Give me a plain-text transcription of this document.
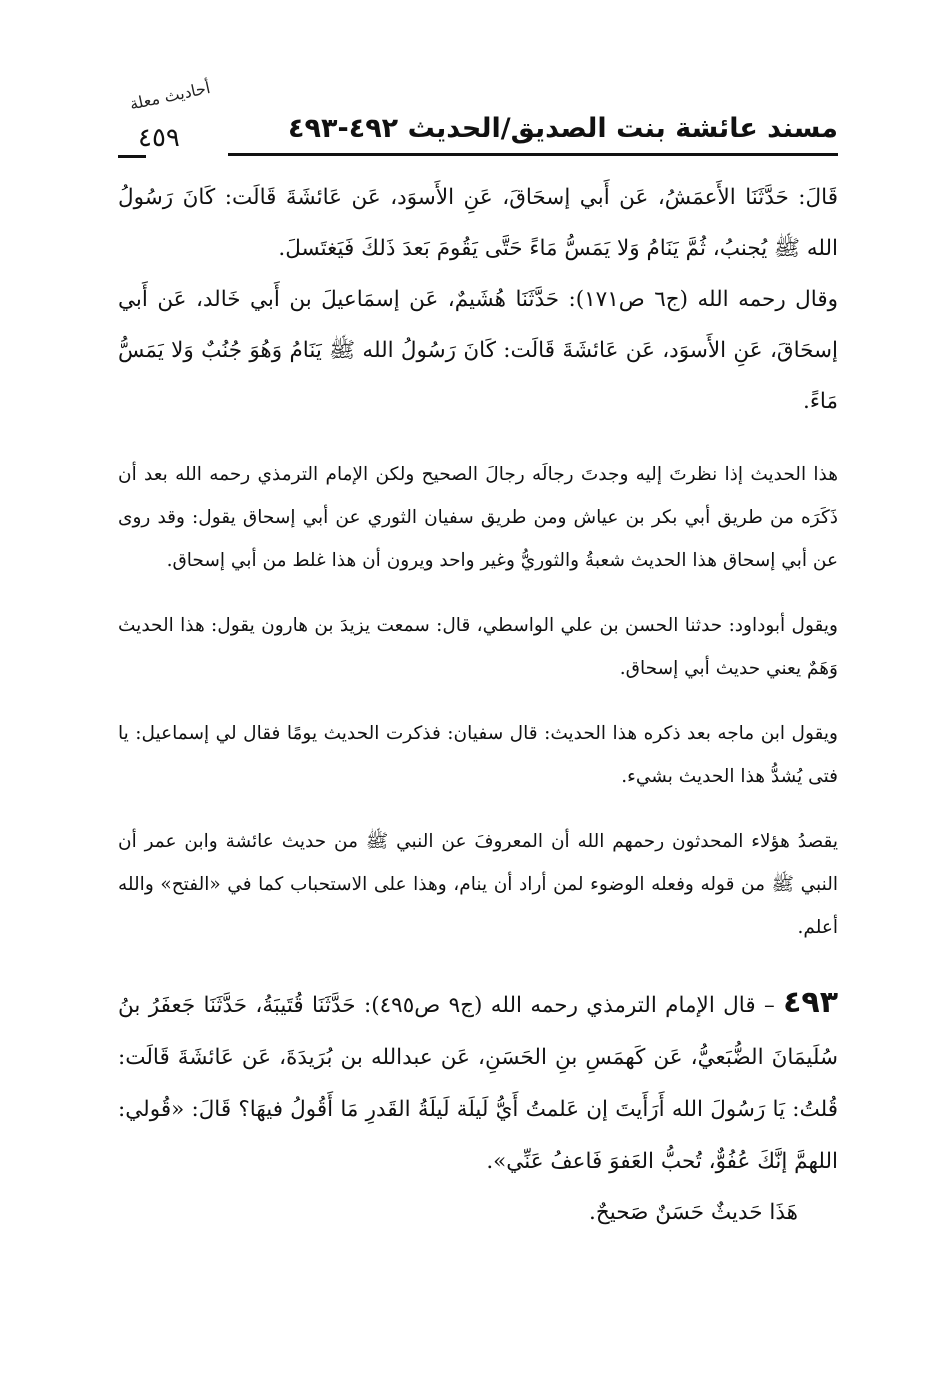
مسند عائشة بنت الصديق/الحديث ٤٩٢-٤٩٣
أحاديث معلة
٤٥٩

قَالَ: حَدَّثَنَا الأَعمَشُ، عَن أَبي إسحَاقَ، عَنِ الأَسوَد، عَن عَائشَةَ قَالَت: كَانَ رَسُولُ الله ﷺ يُجنبُ، ثُمَّ يَنَامُ وَلا يَمَسُّ مَاءً حَتَّى يَقُومَ بَعدَ ذَلكَ فَيَغتَسلَ.

وقال رحمه الله (ج٦ ص١٧١): حَدَّثَنَا هُشَيمٌ، عَن إسمَاعيلَ بن أَبي خَالد، عَن أَبي إسحَاقَ، عَنِ الأَسوَد، عَن عَائشَةَ قَالَت: كَانَ رَسُولُ الله ﷺ يَنَامُ وَهُوَ جُنُبٌ وَلا يَمَسُّ مَاءً.

هذا الحديث إذا نظرتَ إليه وجدتَ رجالَه رجالَ الصحيح ولكن الإمام الترمذي رحمه الله بعد أن ذَكَرَه من طريق أبي بكر بن عياش ومن طريق سفيان الثوري عن أبي إسحاق يقول: وقد روى عن أبي إسحاق هذا الحديث شعبةُ والثوريُّ وغير واحد ويرون أن هذا غلط من أبي إسحاق.

ويقول أبوداود: حدثنا الحسن بن علي الواسطي، قال: سمعت يزيدَ بن هارون يقول: هذا الحديث وَهَمٌ يعني حديث أبي إسحاق.

ويقول ابن ماجه بعد ذكره هذا الحديث: قال سفيان: فذكرت الحديث يومًا فقال لي إسماعيل: يا فتى يُشدُّ هذا الحديث بشيء.

يقصدُ هؤلاء المحدثون رحمهم الله أن المعروفَ عن النبي ﷺ من حديث عائشة وابن عمر أن النبي ﷺ من قوله وفعله الوضوء لمن أراد أن ينام، وهذا على الاستحباب كما في «الفتح» والله أعلم.

٤٩٣ – قال الإمام الترمذي رحمه الله (ج٩ ص٤٩٥): حَدَّثَنَا قُتَيبَةُ، حَدَّثَنَا جَعفَرُ بنُ سُلَيمَانَ الضُّبَعيُّ، عَن كَهمَسِ بنِ الحَسَنِ، عَن عبدالله بن بُرَيدَةَ، عَن عَائشَةَ قَالَت: قُلتُ: يَا رَسُولَ الله أَرَأَيتَ إن عَلمتُ أَيُّ لَيلَة لَيلَةُ القَدرِ مَا أَقُولُ فيهَا؟ قَالَ: «قُولي: اللهمَّ إنَّكَ عُفُوٌّ، تُحبُّ العَفوَ فَاعفُ عَنِّي».

هَذَا حَديثٌ حَسَنٌ صَحيحٌ.
